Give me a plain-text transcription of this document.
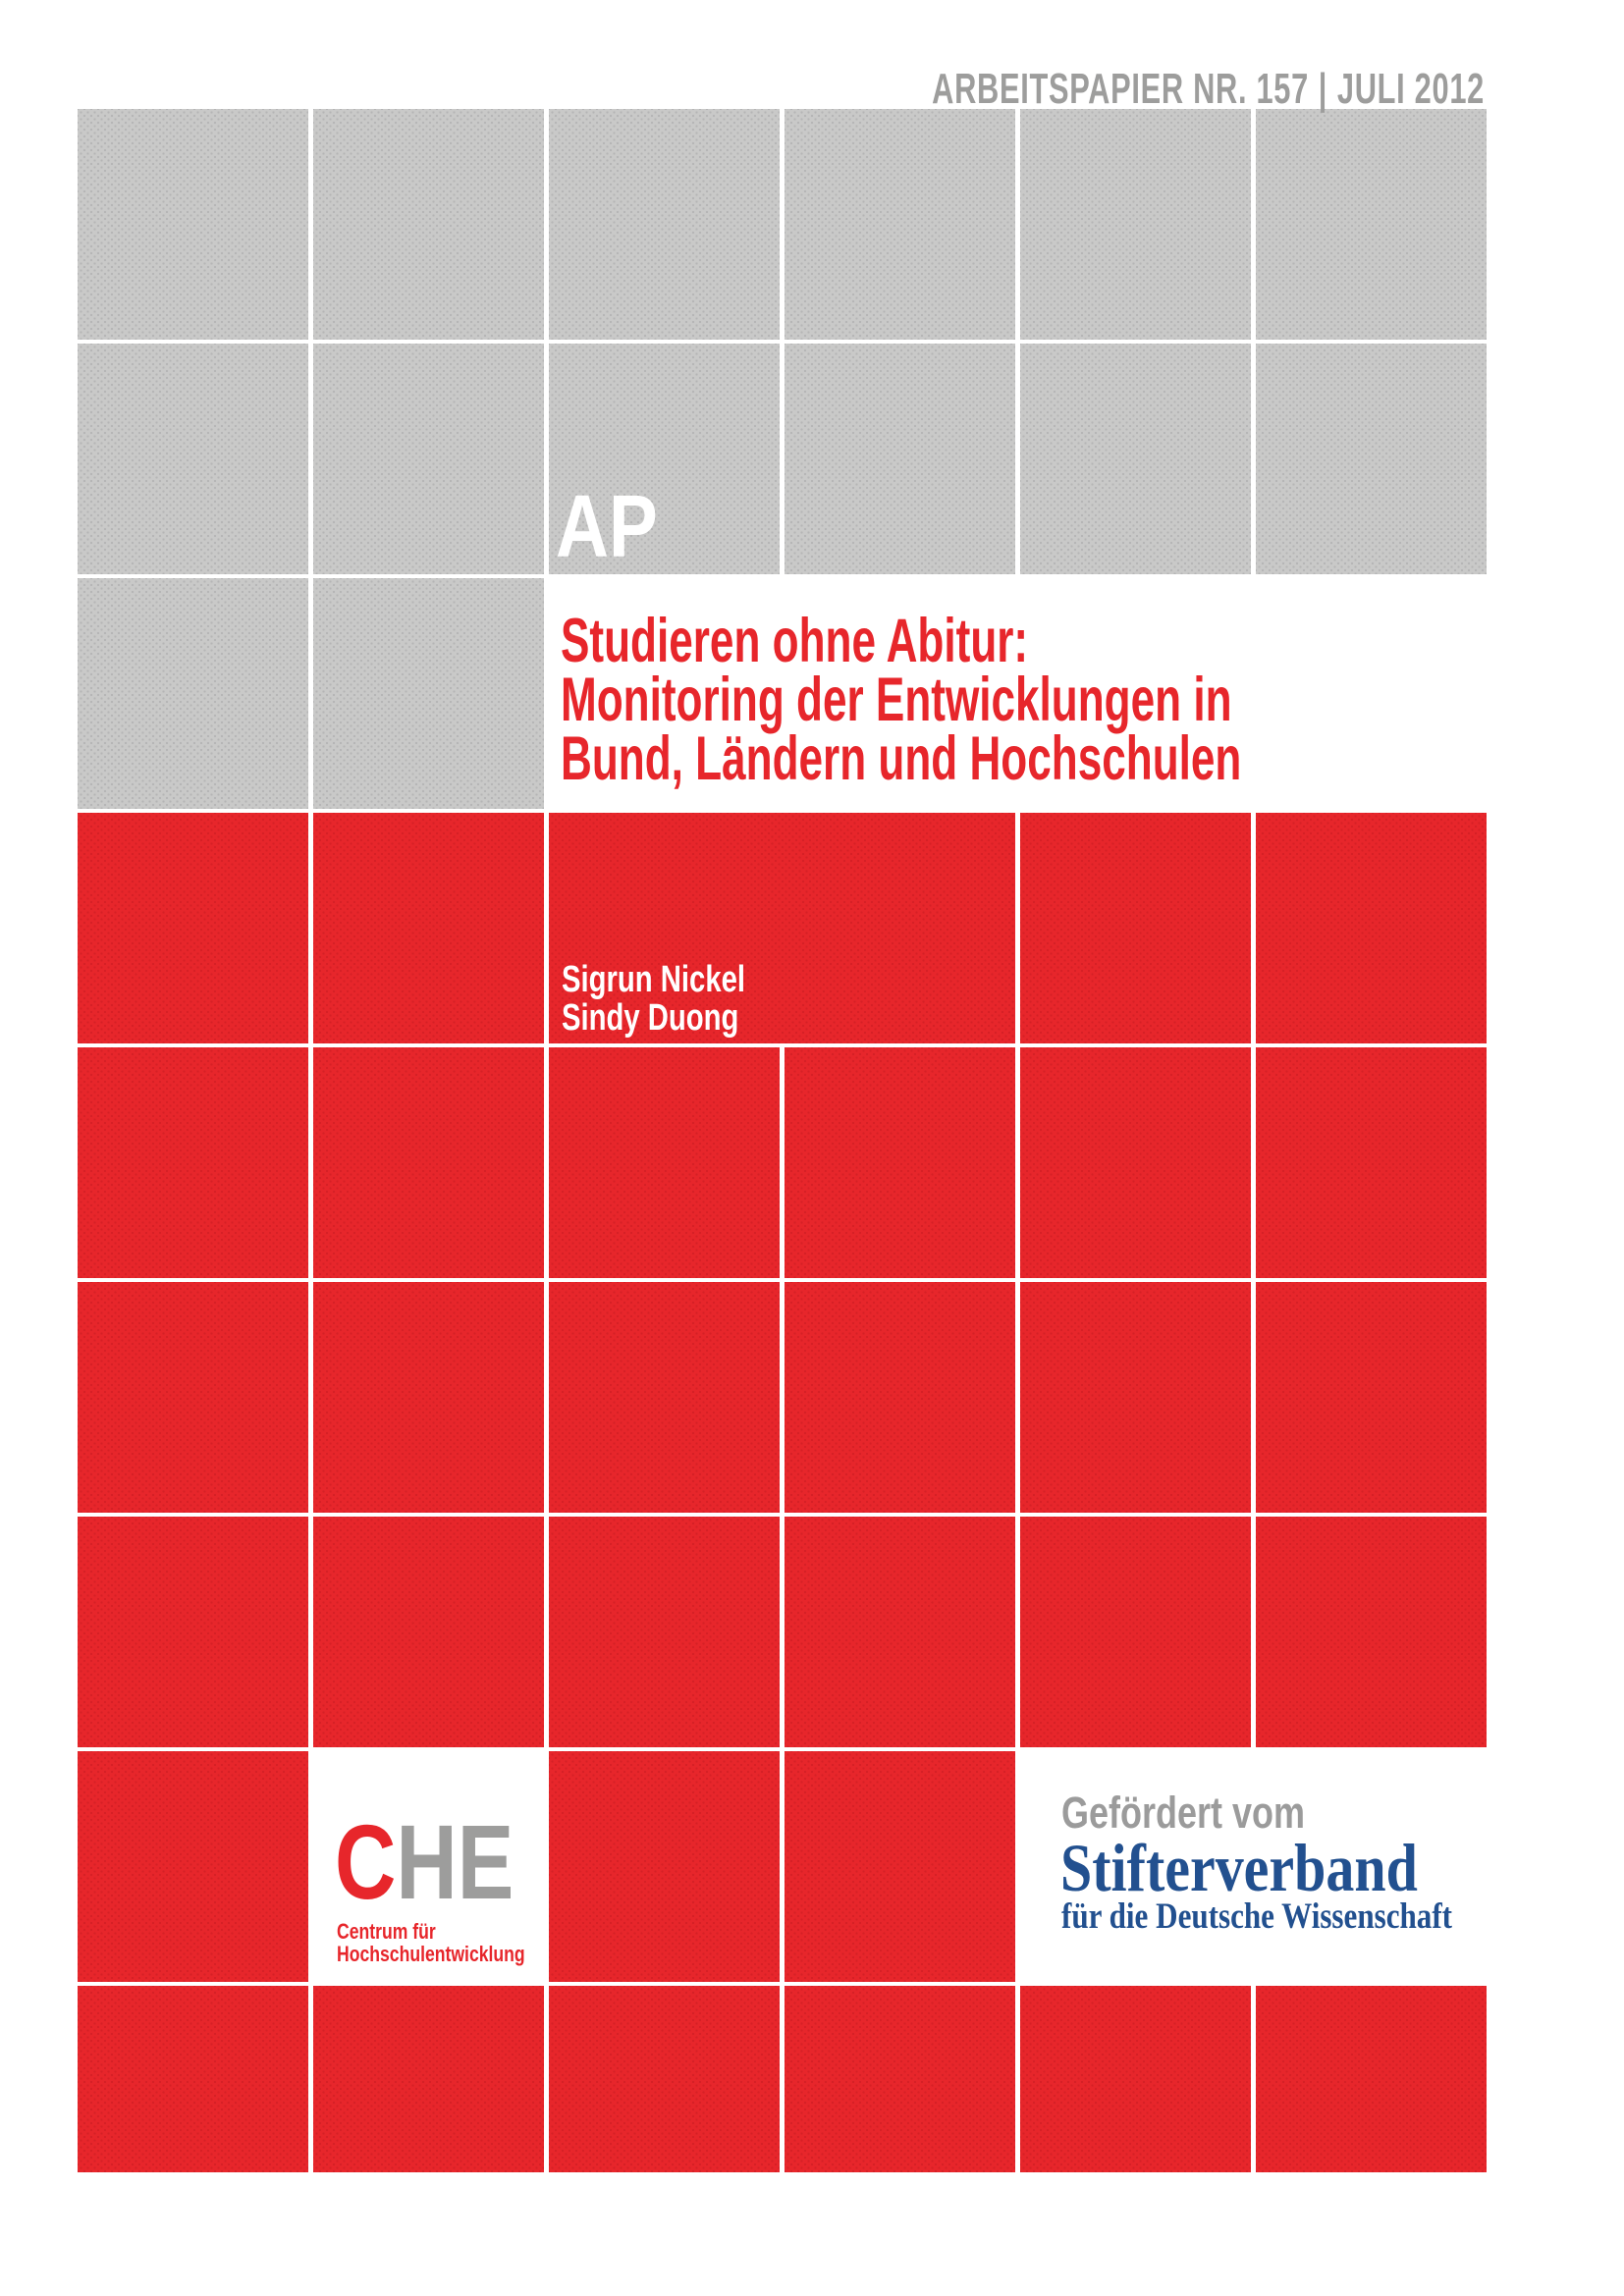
ARBEITSPAPIER NR. 157 | JULI 2012
AP
Studieren ohne Abitur:
Monitoring der Entwicklungen in
Bund, Ländern und Hochschulen
Sigrun Nickel
Sindy Duong
CHE
Centrum für
Hochschulentwicklung
Gefördert vom
Stifterverband
für die Deutsche Wissenschaft
